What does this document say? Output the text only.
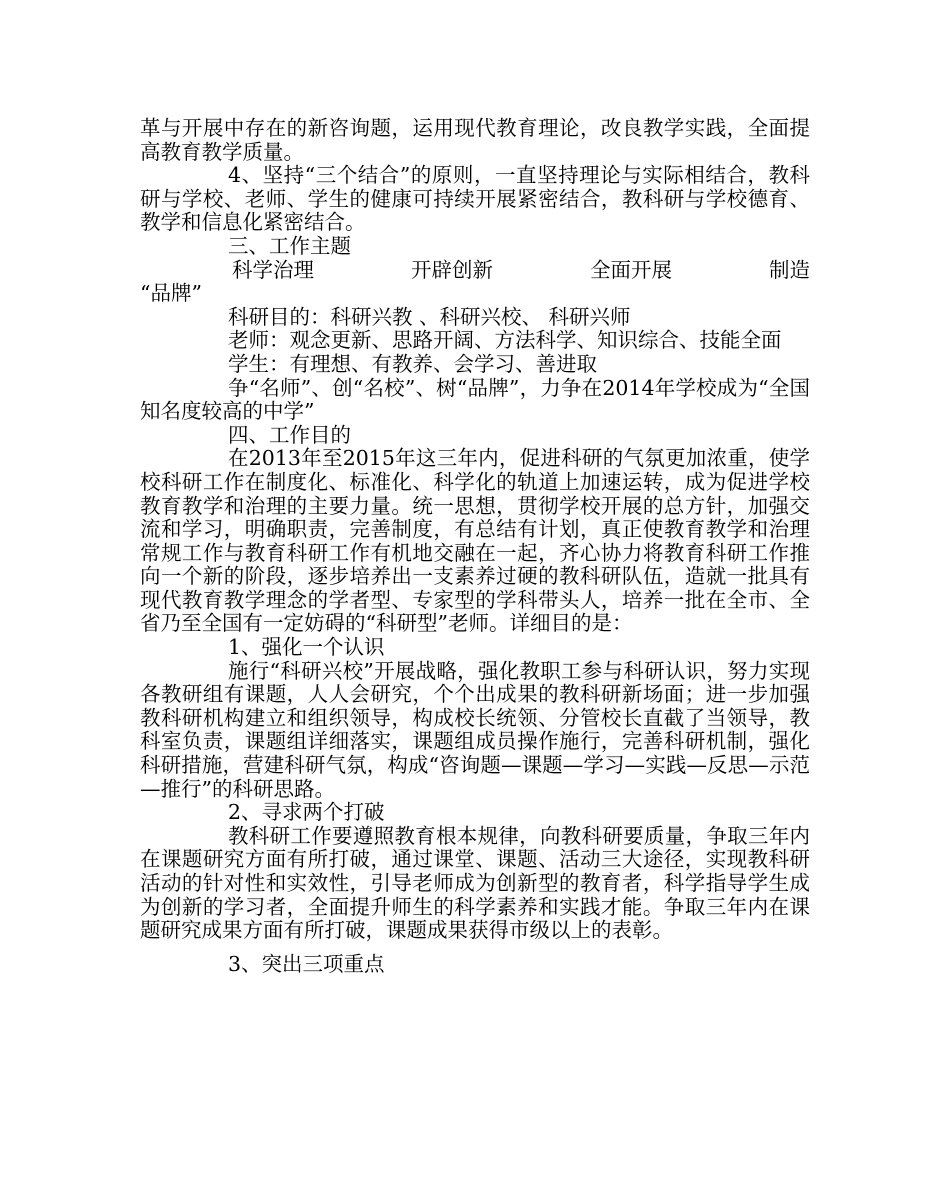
革与开展中存在的新咨询题，运用现代教育理论，改良教学实践，全面提高教育教学质量。

4、坚持“三个结合”的原则，一直坚持理论与实际相结合，教科研与学校、老师、学生的健康可持续开展紧密结合，教科研与学校德育、教学和信息化紧密结合。

三、工作主题

科学治理	开辟创新	全面开展	制造

“品牌”

科研目的：科研兴教 、科研兴校、 科研兴师

老师：观念更新、思路开阔、方法科学、知识综合、技能全面

学生：有理想、有教养、会学习、善进取

争“名师”、创“名校”、树“品牌”，力争在2014年学校成为“全国知名度较高的中学”

四、工作目的

在2013年至2015年这三年内，促进科研的气氛更加浓重，使学校科研工作在制度化、标准化、科学化的轨道上加速运转，成为促进学校教育教学和治理的主要力量。统一思想，贯彻学校开展的总方针，加强交流和学习，明确职责，完善制度，有总结有计划，真正使教育教学和治理常规工作与教育科研工作有机地交融在一起，齐心协力将教育科研工作推向一个新的阶段，逐步培养出一支素养过硬的教科研队伍，造就一批具有现代教育教学理念的学者型、专家型的学科带头人，培养一批在全市、全省乃至全国有一定妨碍的“科研型”老师。详细目的是：

1、强化一个认识

施行“科研兴校”开展战略，强化教职工参与科研认识，努力实现各教研组有课题，人人会研究，个个出成果的教科研新场面；进一步加强教科研机构建立和组织领导，构成校长统领、分管校长直截了当领导，教科室负责，课题组详细落实，课题组成员操作施行，完善科研机制，强化科研措施，营建科研气氛，构成“咨询题—课题—学习—实践—反思—示范—推行”的科研思路。

2、寻求两个打破

教科研工作要遵照教育根本规律，向教科研要质量，争取三年内在课题研究方面有所打破，通过课堂、课题、活动三大途径，实现教科研活动的针对性和实效性，引导老师成为创新型的教育者，科学指导学生成为创新的学习者，全面提升师生的科学素养和实践才能。争取三年内在课题研究成果方面有所打破，课题成果获得市级以上的表彰。

3、突出三项重点
